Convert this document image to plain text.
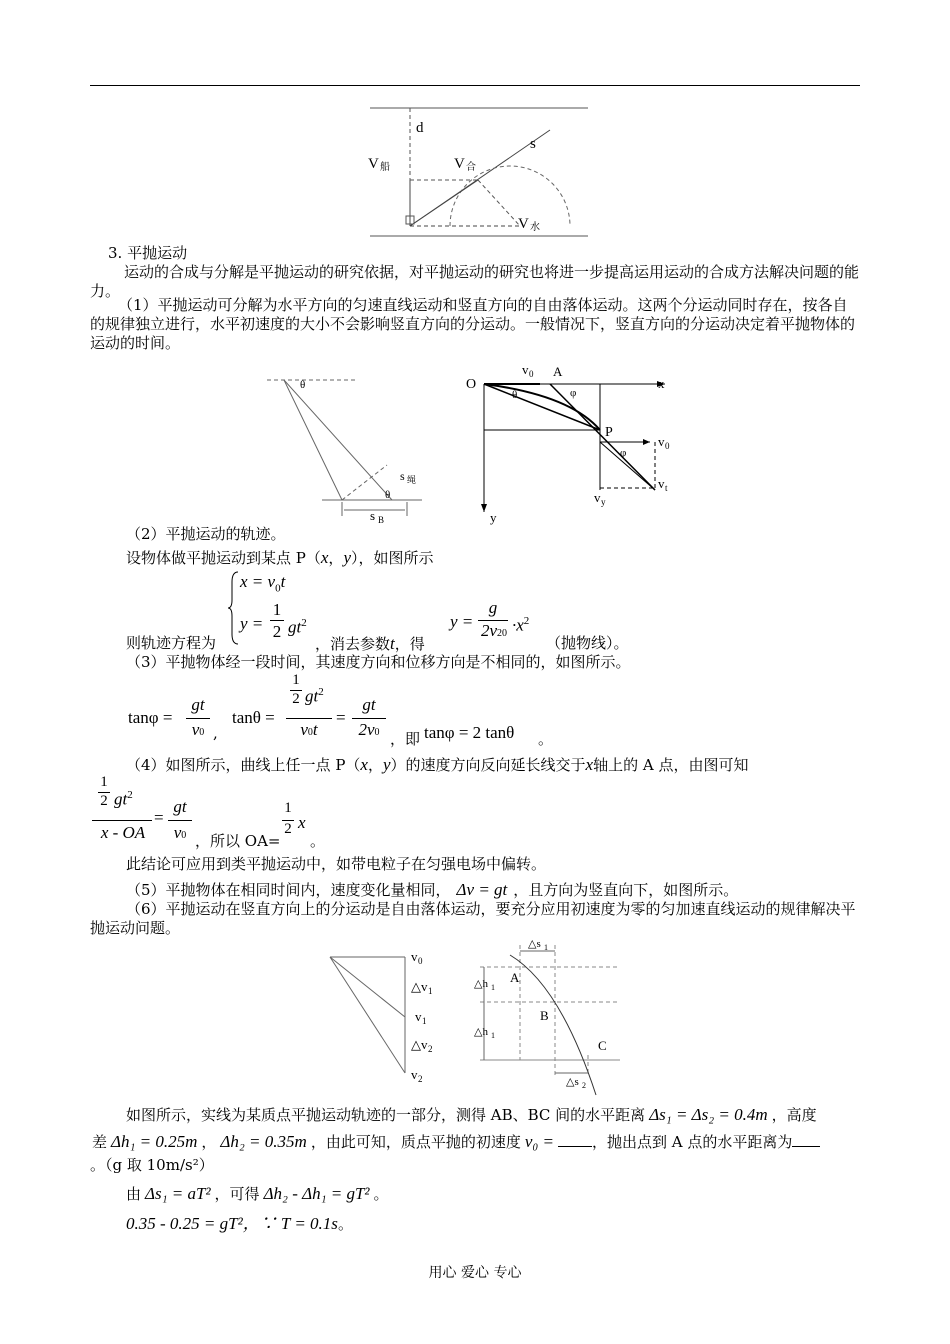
d
s
V 船	V 合
V 水
3. 平抛运动
运动的合成与分解是平抛运动的研究依据，对平抛运动的研究也将进一步提高运用运动的合成方法解决问题的能力。
（1）平抛运动可分解为水平方向的匀速直线运动和竖直方向的自由落体运动。这两个分运动同时存在，按各自的规律独立进行，水平初速度的大小不会影响竖直方向的分运动。一般情况下，竖直方向的分运动决定着平抛物体的运动的时间。
θ
s 绳
θ
s B
O
v 0 A
x
θ	φ
P
v 0
φ
v t
v y
y
（2）平抛运动的轨迹。
设物体做平抛运动到某点 P（x，y），如图所示
$x = v_0t$
y =
1
2 $gt^2$
则轨迹方程为	，消去参数t，得
y =
g
$2v20 \cdot x^2$
（抛物线）。
（3）平抛物体经一段时间，其速度方向和位移方向是不相同的，如图所示。
tanφ =
gt
v0 ,
tanθ =
1
2 $gt^2$
v0t
=
gt
2v0 ，即 tanφ = 2 tanθ 。
（4）如图所示，曲线上任一点 P（x，y）的速度方向反向延长线交于x轴上的 A 点，由图可知
1
2 $gt^2$
x - OA
=
gt
v0 ，所以 OA=
1
2 x
。
此结论可应用到类平抛运动中，如带电粒子在匀强电场中偏转。
（5）平抛物体在相同时间内，速度变化量相同， Δv = gt ，且方向为竖直向下，如图所示。
（6）平抛运动在竖直方向上的分运动是自由落体运动，要充分应用初速度为零的匀加速直线运动的规律解决平抛运动问题。
v 0
△v 1
v 1
△v 2
v 2
△s 1
A
△h 1
B
△h 1
C
△s 2
如图所示，实线为某质点平抛运动轨迹的一部分，测得 AB、BC 间的水平距离 Δs₁ = Δs₂ = 0.4m ，高度
差 Δh₁ = 0.25m ， Δh₂ = 0.35m ，由此可知，质点平抛的初速度 v₀ =	，抛出点到 A 点的水平距离为
。（g 取 10m/s²）
由 Δs₁ = aT² ，可得 Δh₂ - Δh₁ = gT² 。
0.35 - 0.25 = gT²，∵ T = 0.1s。
用心 爱心 专心
